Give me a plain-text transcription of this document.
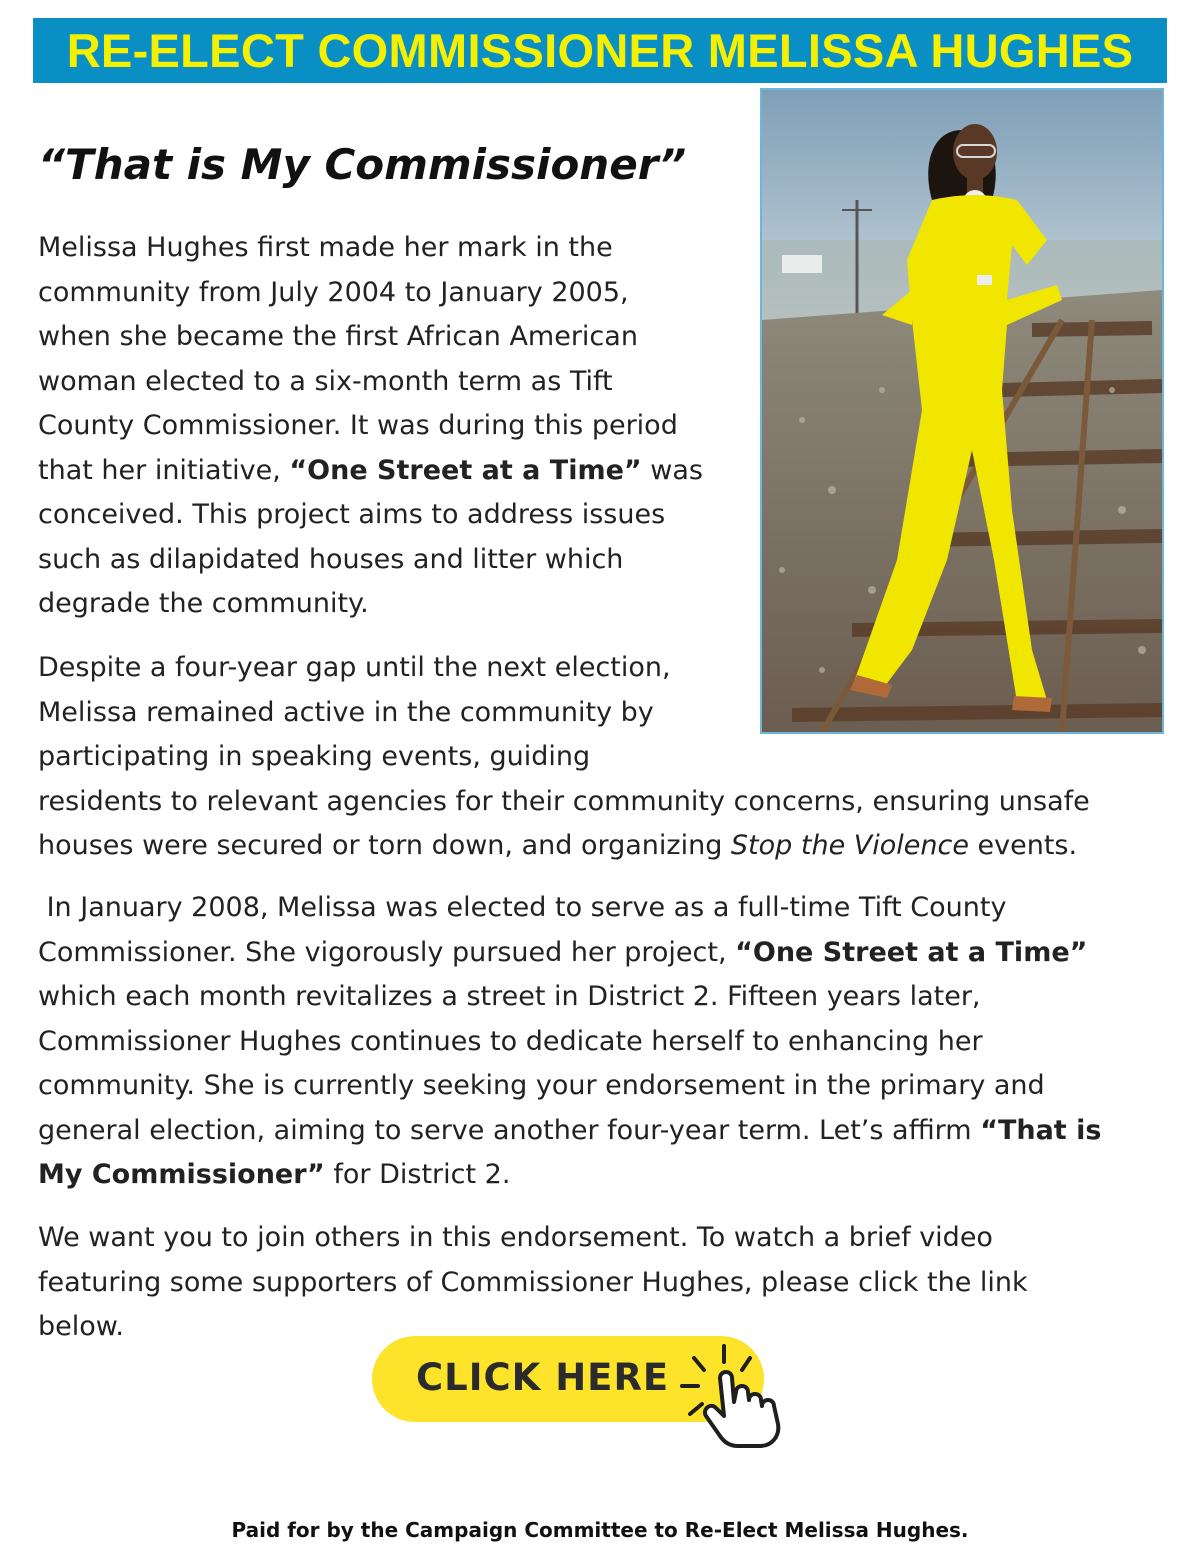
RE-ELECT COMMISSIONER MELISSA HUGHES
“That is My Commissioner”

Melissa Hughes first made her mark in the
community from July 2004 to January 2005,
when she became the first African American
woman elected to a six-month term as Tift
County Commissioner. It was during this period
that her initiative, “One Street at a Time” was
conceived. This project aims to address issues
such as dilapidated houses and litter which
degrade the community.

Despite a four-year gap until the next election,
Melissa remained active in the community by
participating in speaking events, guiding
residents to relevant agencies for their community concerns, ensuring unsafe
houses were secured or torn down, and organizing Stop the Violence events.

In January 2008, Melissa was elected to serve as a full-time Tift County
Commissioner. She vigorously pursued her project, “One Street at a Time”
which each month revitalizes a street in District 2. Fifteen years later,
Commissioner Hughes continues to dedicate herself to enhancing her
community. She is currently seeking your endorsement in the primary and
general election, aiming to serve another four-year term. Let’s affirm “That is
My Commissioner” for District 2.

We want you to join others in this endorsement. To watch a brief video
featuring some supporters of Commissioner Hughes, please click the link
below.

CLICK HERE
Paid for by the Campaign Committee to Re-Elect Melissa Hughes.
